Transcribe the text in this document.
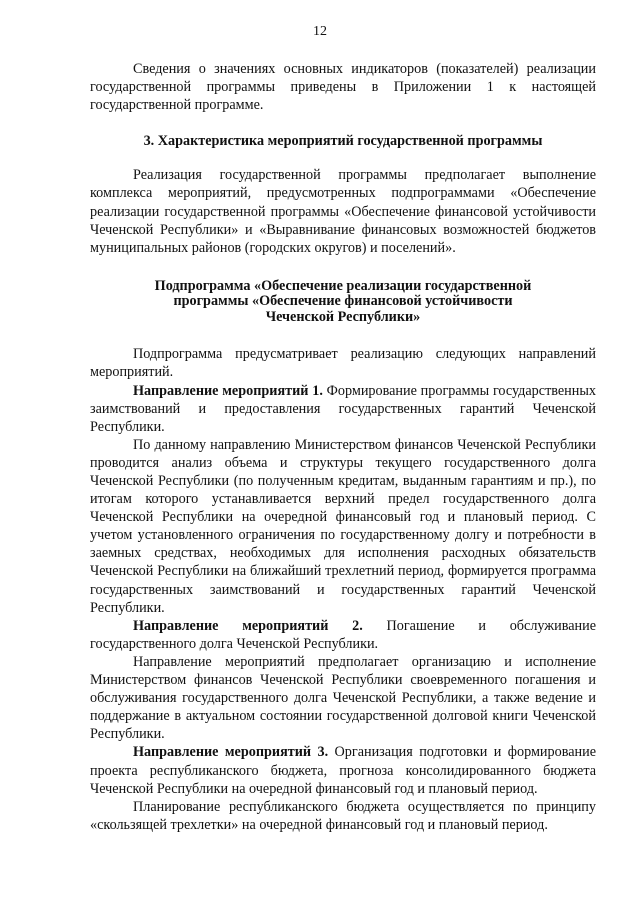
12

Сведения о значениях основных индикаторов (показателей) реализации государственной программы приведены в Приложении 1 к настоящей государственной программе.

3. Характеристика мероприятий государственной программы

Реализация государственной программы предполагает выполнение комплекса мероприятий, предусмотренных подпрограммами «Обеспечение реализации государственной программы «Обеспечение финансовой устойчивости Чеченской Республики» и «Выравнивание финансовых возможностей бюджетов муниципальных районов (городских округов) и поселений».

Подпрограмма «Обеспечение реализации государственной
программы «Обеспечение финансовой устойчивости
Чеченской Республики»

Подпрограмма предусматривает реализацию следующих направлений мероприятий.

Направление мероприятий 1. Формирование программы государственных заимствований и предоставления государственных гарантий Чеченской Республики.

По данному направлению Министерством финансов Чеченской Республики проводится анализ объема и структуры текущего государственного долга Чеченской Республики (по полученным кредитам, выданным гарантиям и пр.), по итогам которого устанавливается верхний предел государственного долга Чеченской Республики на очередной финансовый год и плановый период. С учетом установленного ограничения по государственному долгу и потребности в заемных средствах, необходимых для исполнения расходных обязательств Чеченской Республики на ближайший трехлетний период, формируется программа государственных заимствований и государственных гарантий Чеченской Республики.

Направление мероприятий 2. Погашение и обслуживание государственного долга Чеченской Республики.

Направление мероприятий предполагает организацию и исполнение Министерством финансов Чеченской Республики своевременного погашения и обслуживания государственного долга Чеченской Республики, а также ведение и поддержание в актуальном состоянии государственной долговой книги Чеченской Республики.

Направление мероприятий 3. Организация подготовки и формирование проекта республиканского бюджета, прогноза консолидированного бюджета Чеченской Республики на очередной финансовый год и плановый период.

Планирование республиканского бюджета осуществляется по принципу «скользящей трехлетки» на очередной финансовый год и плановый период.
